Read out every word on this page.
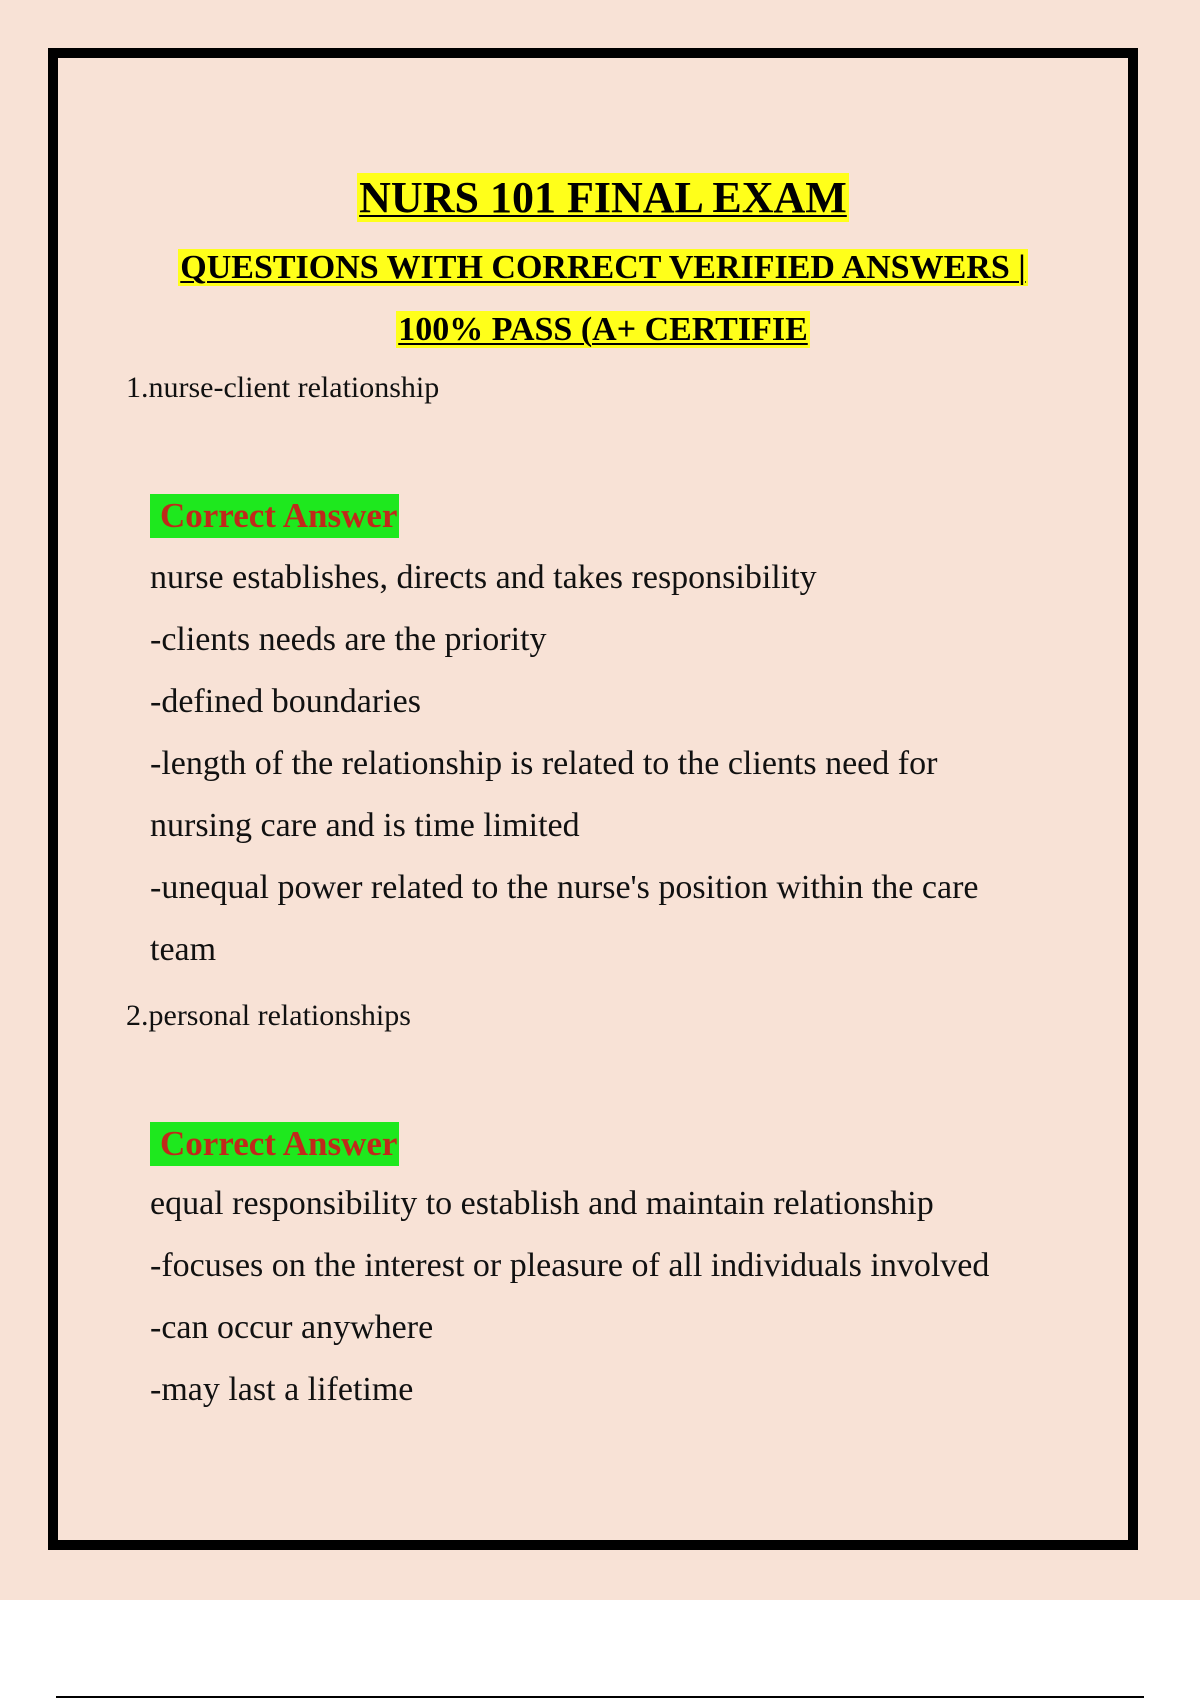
NURS 101 FINAL EXAM
QUESTIONS WITH CORRECT VERIFIED ANSWERS |
100% PASS (A+ CERTIFIE
1.nurse-client relationship
Correct Answer
nurse establishes, directs and takes responsibility
-clients needs are the priority
-defined boundaries
-length of the relationship is related to the clients need for
nursing care and is time limited
-unequal power related to the nurse's position within the care
team
2.personal relationships
Correct Answer
equal responsibility to establish and maintain relationship
-focuses on the interest or pleasure of all individuals involved
-can occur anywhere
-may last a lifetime
